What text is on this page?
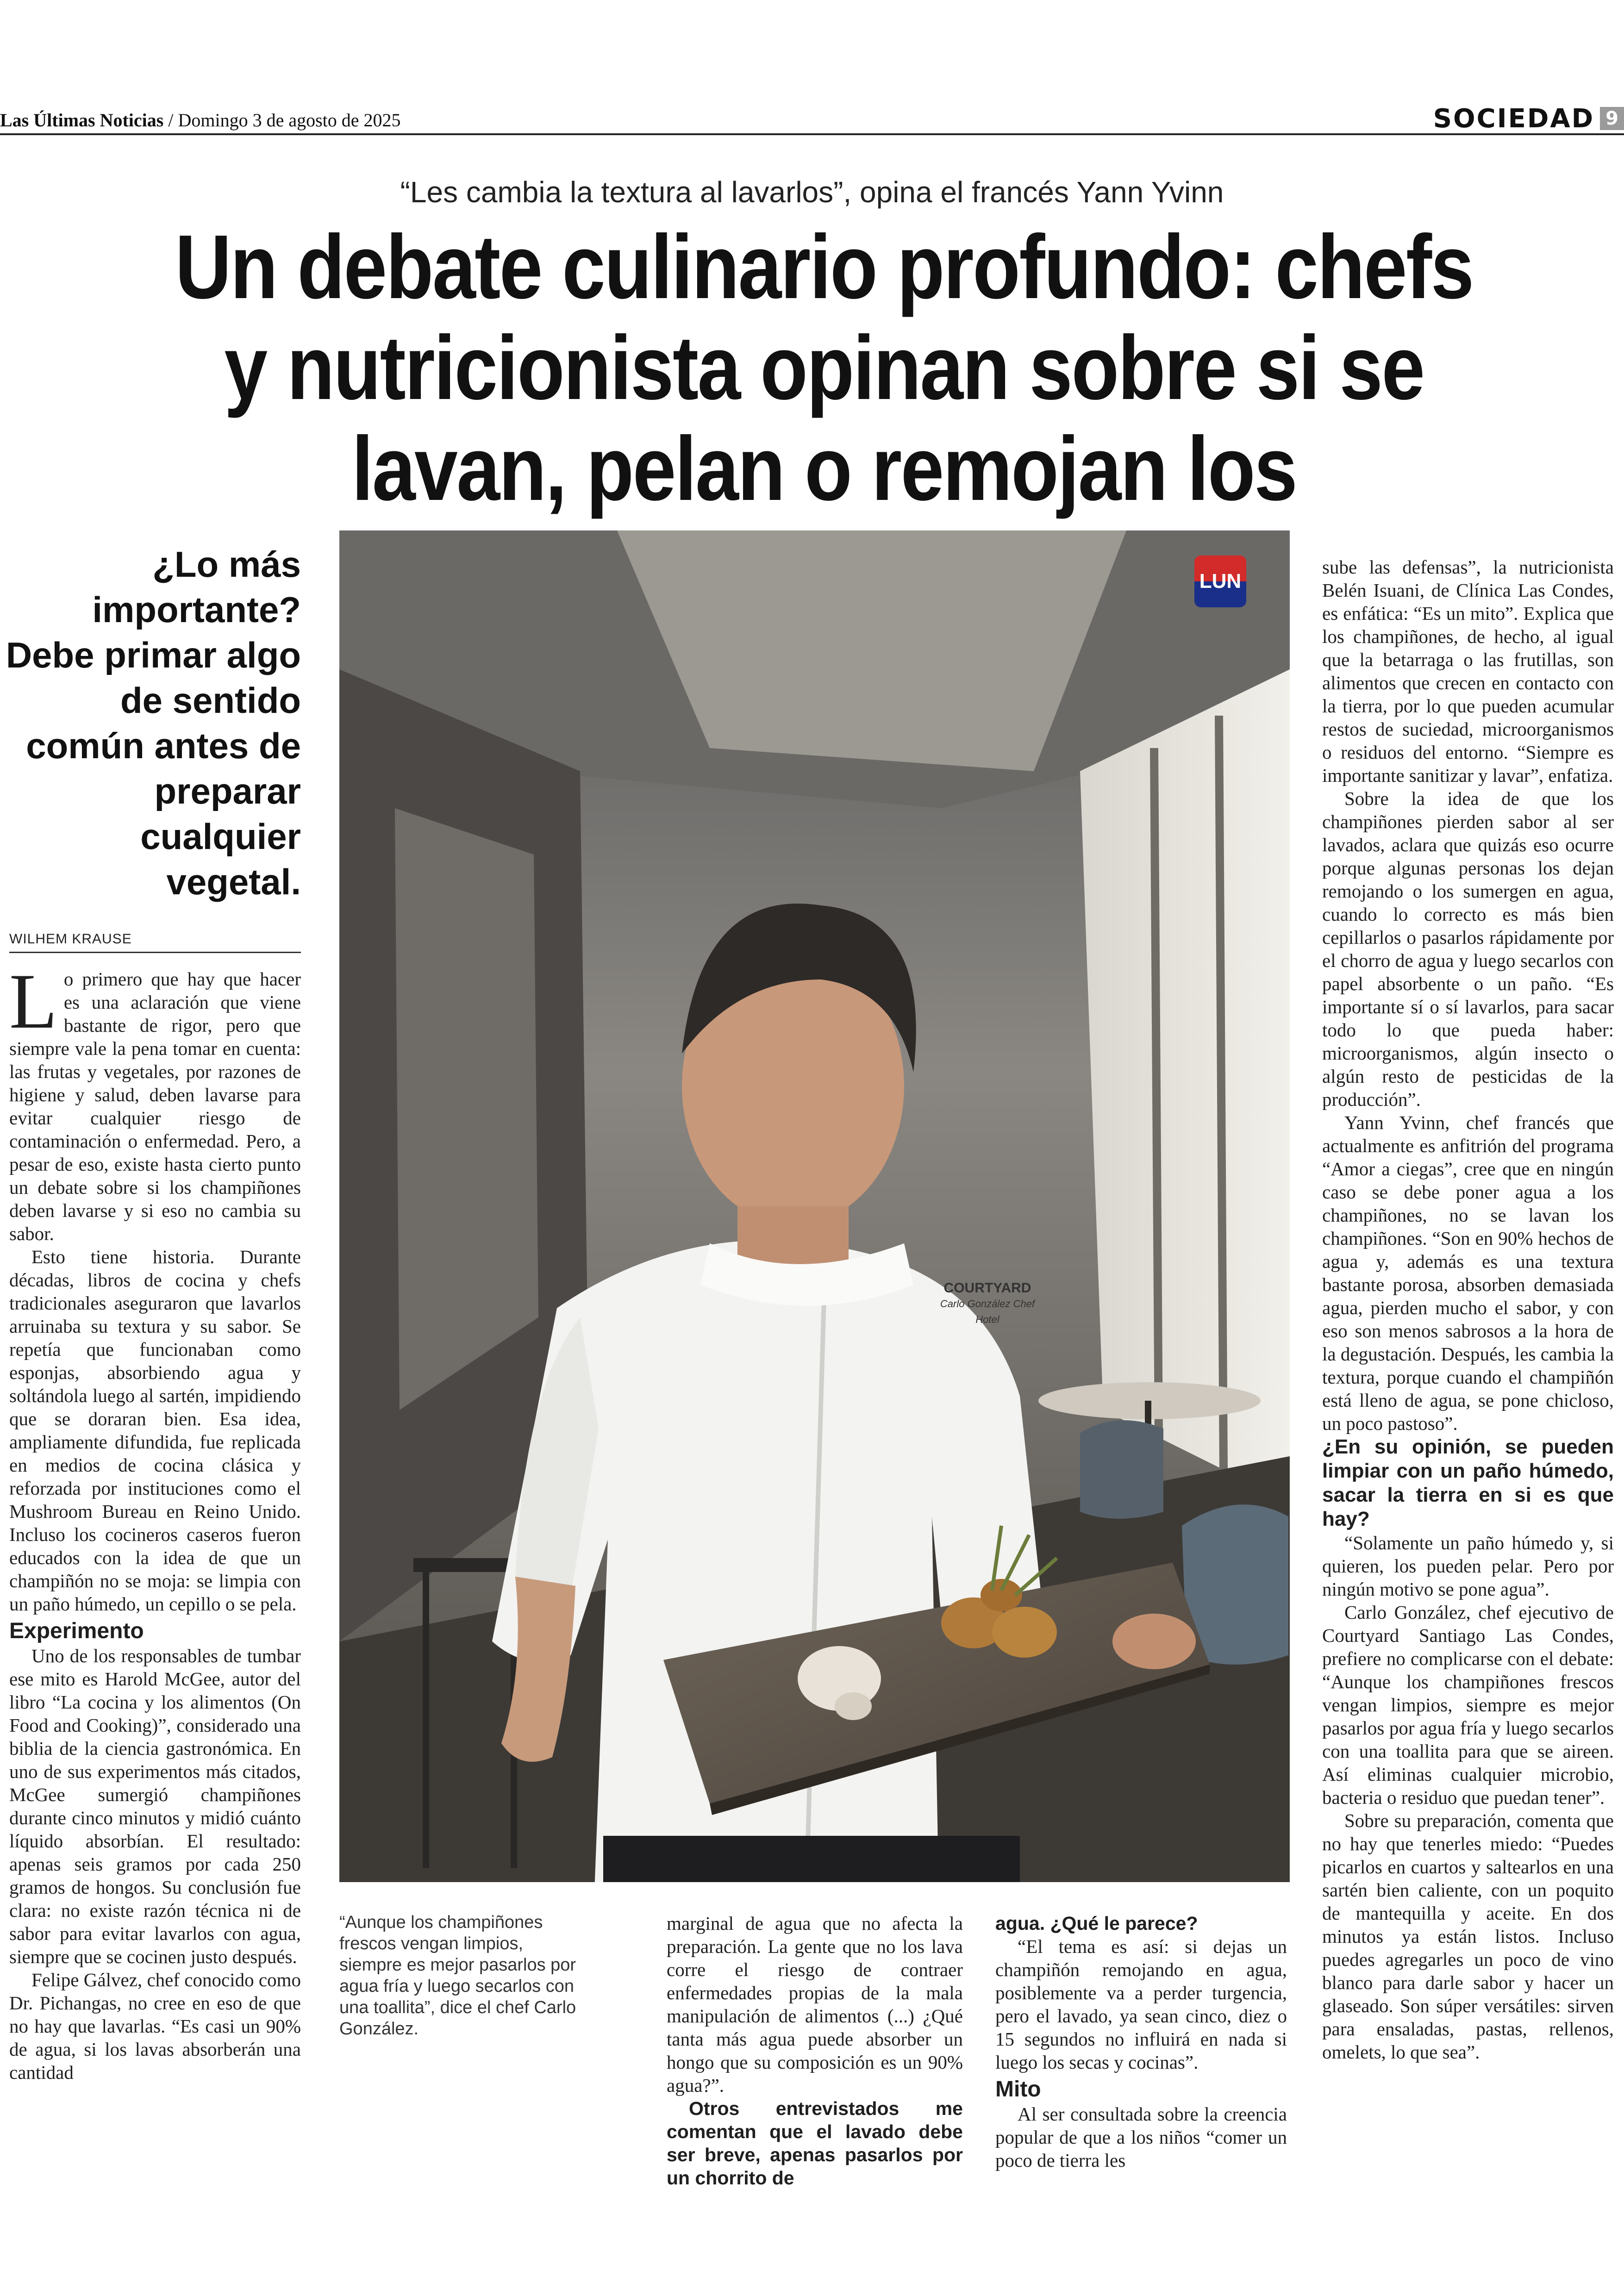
Las Últimas Noticias / Domingo 3 de agosto de 2025	SOCIEDAD 9
“Les cambia la textura al lavarlos”, opina el francés Yann Yvinn
Un debate culinario profundo: chefs y nutricionista opinan sobre si se lavan, pelan o remojan los
¿Lo más importante? Debe primar algo de sentido común antes de preparar cualquier vegetal.
WILHEM KRAUSE

Lo primero que hay que hacer es una aclaración que viene bastante de rigor, pero que siempre vale la pena tomar en cuenta: las frutas y vegetales, por razones de higiene y salud, deben lavarse para evitar cualquier riesgo de contaminación o enfermedad. Pero, a pesar de eso, existe hasta cierto punto un debate sobre si los champiñones deben lavarse y si eso no cambia su sabor.

Esto tiene historia. Durante décadas, libros de cocina y chefs tradicionales aseguraron que lavarlos arruinaba su textura y su sabor. Se repetía que funcionaban como esponjas, absorbiendo agua y soltándola luego al sartén, impidiendo que se doraran bien. Esa idea, ampliamente difundida, fue replicada en medios de cocina clásica y reforzada por instituciones como el Mushroom Bureau en Reino Unido. Incluso los cocineros caseros fueron educados con la idea de que un champiñón no se moja: se limpia con un paño húmedo, un cepillo o se pela.

Experimento

Uno de los responsables de tumbar ese mito es Harold McGee, autor del libro “La cocina y los alimentos (On Food and Cooking)”, considerado una biblia de la ciencia gastronómica. En uno de sus experimentos más citados, McGee sumergió champiñones durante cinco minutos y midió cuánto líquido absorbían. El resultado: apenas seis gramos por cada 250 gramos de hongos. Su conclusión fue clara: no existe razón técnica ni de sabor para evitar lavarlos con agua, siempre que se cocinen justo después.

Felipe Gálvez, chef conocido como Dr. Pichangas, no cree en eso de que no hay que lavarlas. “Es casi un 90% de agua, si los lavas absorberán una cantidad

COURTYARD
Carlo González Chef Hotel
LUN
“Aunque los champiñones frescos vengan limpios, siempre es mejor pasarlos por agua fría y luego secarlos con una toallita”, dice el chef Carlo González.

marginal de agua que no afecta la preparación. La gente que no los lava corre el riesgo de contraer enfermedades propias de la mala manipulación de alimentos (...) ¿Qué tanta más agua puede absorber un hongo que su composición es un 90% agua?”.

Otros entrevistados me comentan que el lavado debe ser breve, apenas pasarlos por un chorrito de

agua. ¿Qué le parece?

“El tema es así: si dejas un champiñón remojando en agua, posiblemente va a perder turgencia, pero el lavado, ya sean cinco, diez o 15 segundos no influirá en nada si luego los secas y cocinas”.

Mito

Al ser consultada sobre la creencia popular de que a los niños “comer un poco de tierra les

sube las defensas”, la nutricionista Belén Isuani, de Clínica Las Condes, es enfática: “Es un mito”. Explica que los champiñones, de hecho, al igual que la betarraga o las frutillas, son alimentos que crecen en contacto con la tierra, por lo que pueden acumular restos de suciedad, microorganismos o residuos del entorno. “Siempre es importante sanitizar y lavar”, enfatiza.

Sobre la idea de que los champiñones pierden sabor al ser lavados, aclara que quizás eso ocurre porque algunas personas los dejan remojando o los sumergen en agua, cuando lo correcto es más bien cepillarlos o pasarlos rápidamente por el chorro de agua y luego secarlos con papel absorbente o un paño. “Es importante sí o sí lavarlos, para sacar todo lo que pueda haber: microorganismos, algún insecto o algún resto de pesticidas de la producción”.

Yann Yvinn, chef francés que actualmente es anfitrión del programa “Amor a ciegas”, cree que en ningún caso se debe poner agua a los champiñones, no se lavan los champiñones. “Son en 90% hechos de agua y, además es una textura bastante porosa, absorben demasiada agua, pierden mucho el sabor, y con eso son menos sabrosos a la hora de la degustación. Después, les cambia la textura, porque cuando el champiñón está lleno de agua, se pone chicloso, un poco pastoso”.

¿En su opinión, se pueden limpiar con un paño húmedo, sacar la tierra en si es que hay?

“Solamente un paño húmedo y, si quieren, los pueden pelar. Pero por ningún motivo se pone agua”.

Carlo González, chef ejecutivo de Courtyard Santiago Las Condes, prefiere no complicarse con el debate: “Aunque los champiñones frescos vengan limpios, siempre es mejor pasarlos por agua fría y luego secarlos con una toallita para que se aireen. Así eliminas cualquier microbio, bacteria o residuo que puedan tener”.

Sobre su preparación, comenta que no hay que tenerles miedo: “Puedes picarlos en cuartos y saltearlos en una sartén bien caliente, con un poquito de mantequilla y aceite. En dos minutos ya están listos. Incluso puedes agregarles un poco de vino blanco para darle sabor y hacer un glaseado. Son súper versátiles: sirven para ensaladas, pastas, rellenos, omelets, lo que sea”.
